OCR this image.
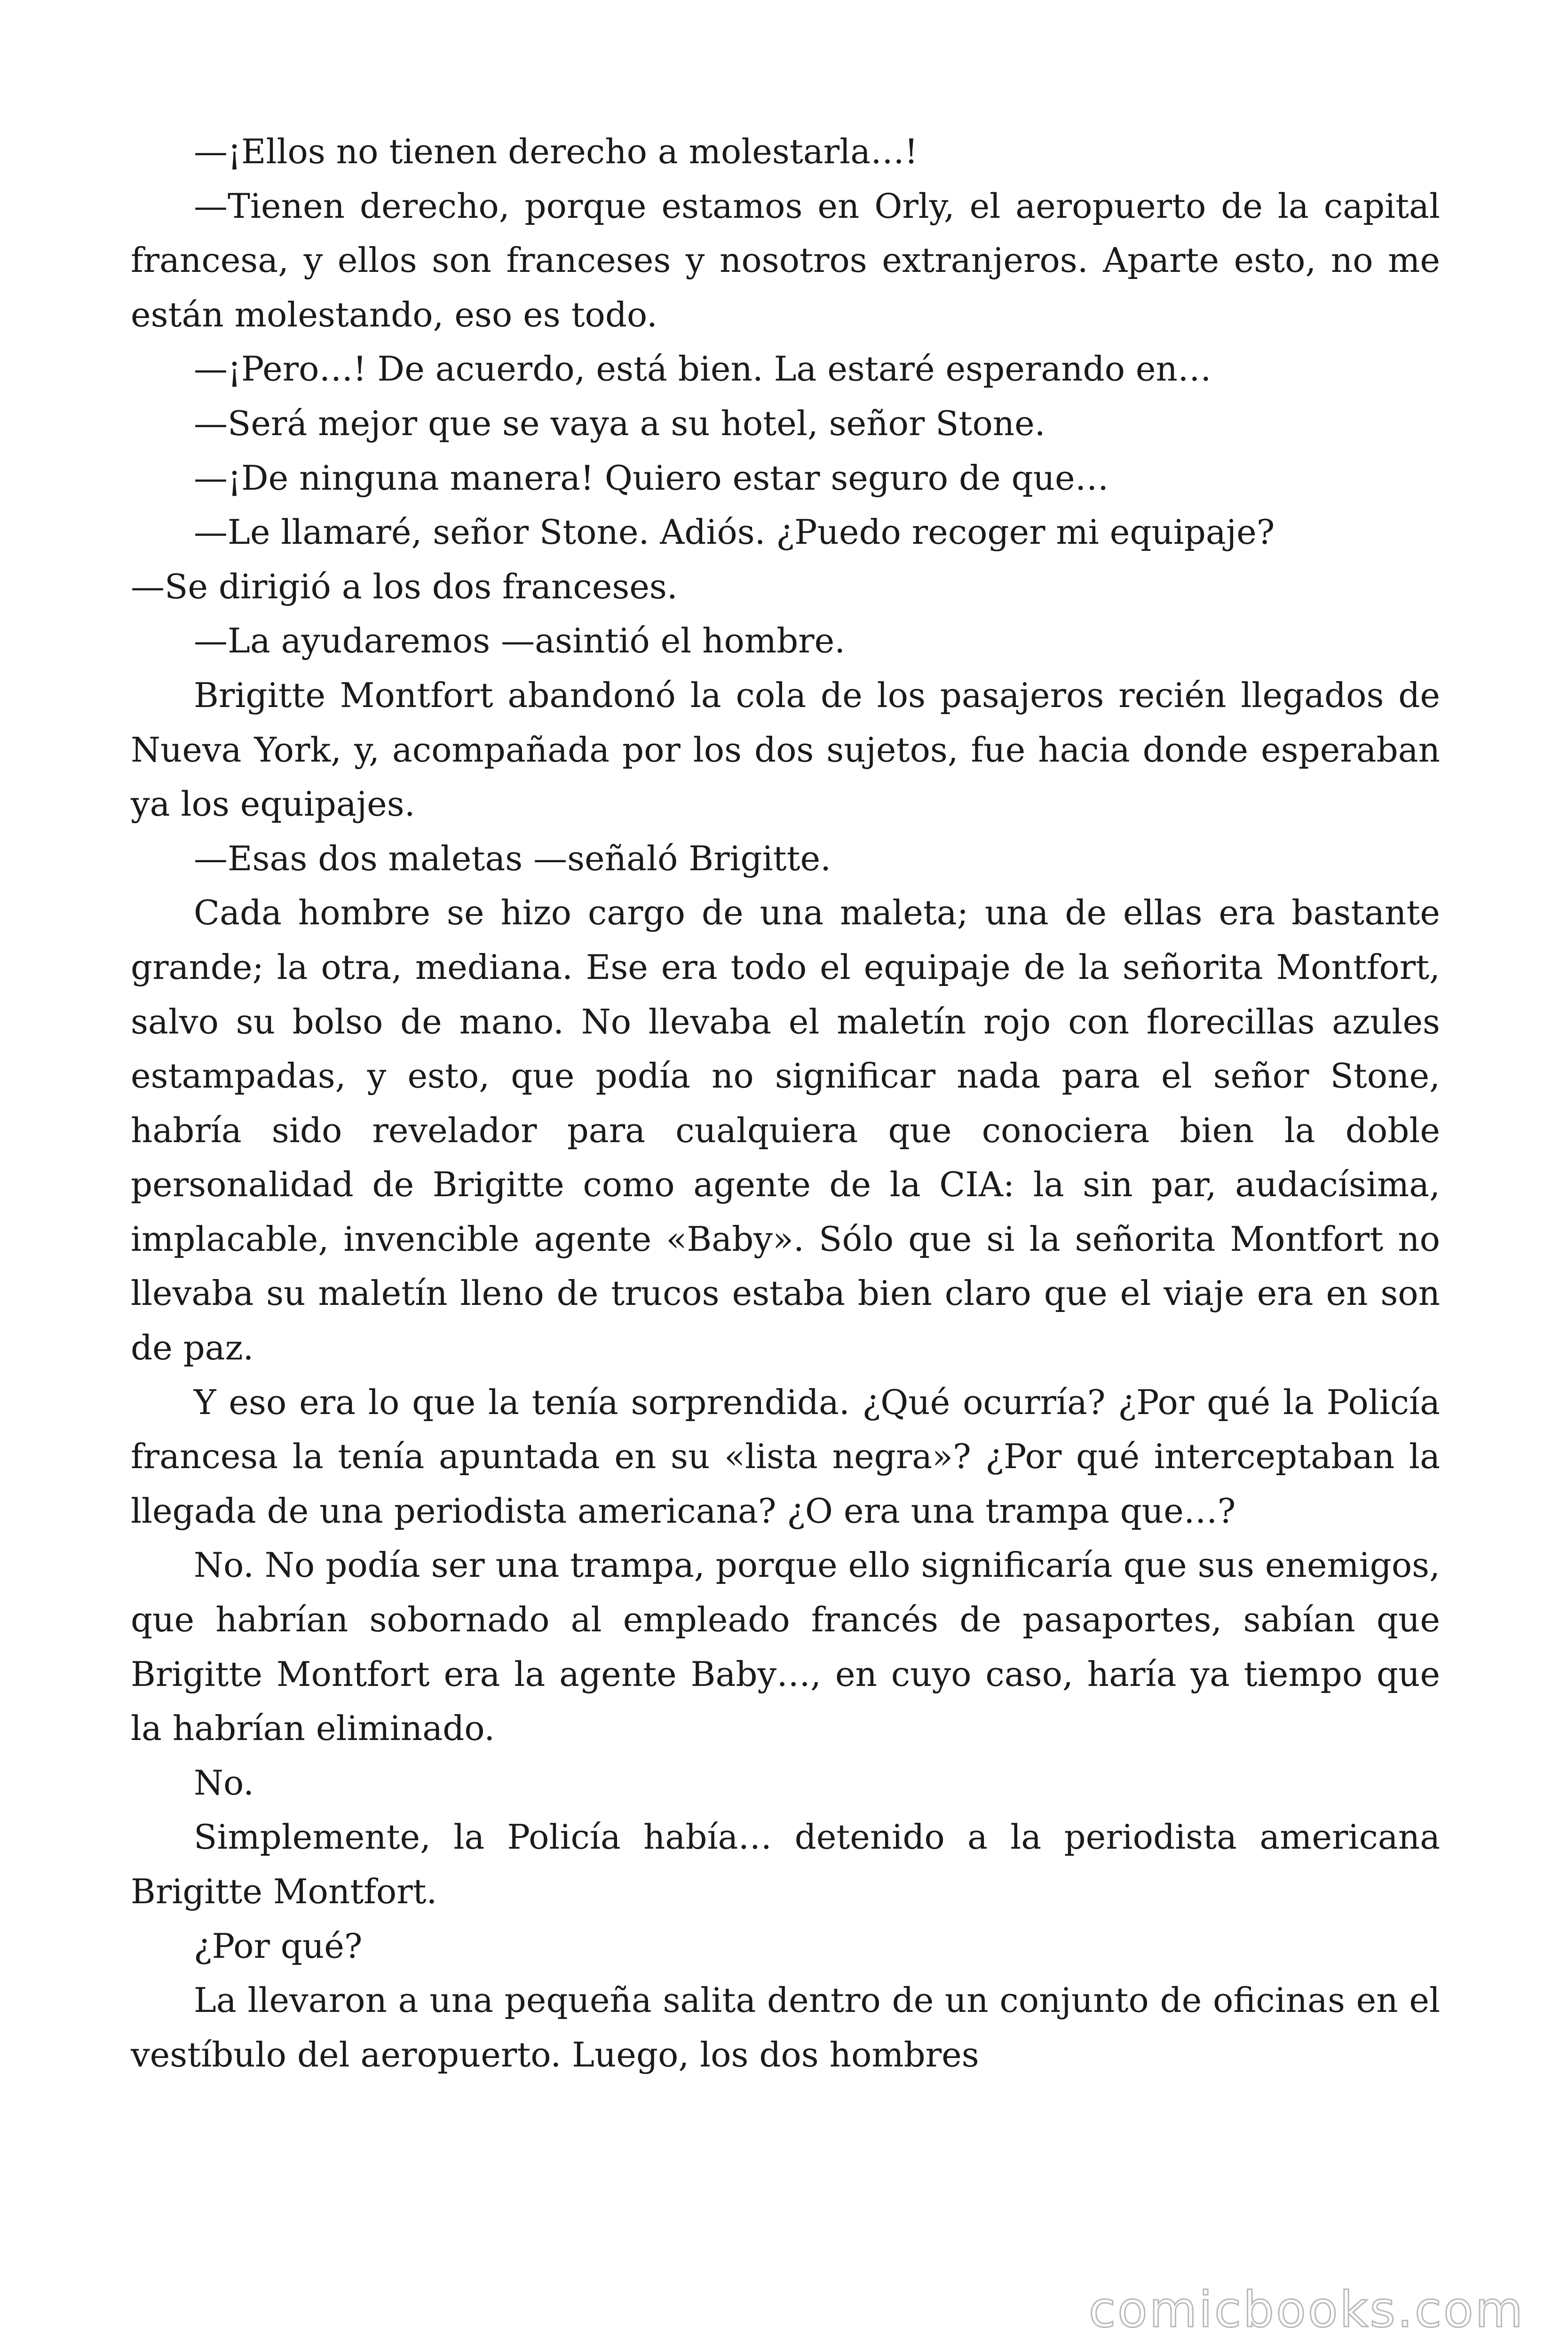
—¡Ellos no tienen derecho a molestarla…!

—Tienen derecho, porque estamos en Orly, el aeropuerto de la capital francesa, y ellos son franceses y nosotros extranjeros. Aparte esto, no me están molestando, eso es todo.

—¡Pero…! De acuerdo, está bien. La estaré esperando en…

—Será mejor que se vaya a su hotel, señor Stone.

—¡De ninguna manera! Quiero estar seguro de que…

—Le llamaré, señor Stone. Adiós. ¿Puedo recoger mi equipaje?

—Se dirigió a los dos franceses.

—La ayudaremos —asintió el hombre.

Brigitte Montfort abandonó la cola de los pasajeros recién llegados de Nueva York, y, acompañada por los dos sujetos, fue hacia donde esperaban ya los equipajes.

—Esas dos maletas —señaló Brigitte.

Cada hombre se hizo cargo de una maleta; una de ellas era bastante grande; la otra, mediana. Ese era todo el equipaje de la señorita Montfort, salvo su bolso de mano. No llevaba el maletín rojo con florecillas azules estampadas, y esto, que podía no significar nada para el señor Stone, habría sido revelador para cualquiera que conociera bien la doble personalidad de Brigitte como agente de la CIA: la sin par, audacísima, implacable, invencible agente «Baby». Sólo que si la señorita Montfort no llevaba su maletín lleno de trucos estaba bien claro que el viaje era en son de paz.

Y eso era lo que la tenía sorprendida. ¿Qué ocurría? ¿Por qué la Policía francesa la tenía apuntada en su «lista negra»? ¿Por qué interceptaban la llegada de una periodista americana? ¿O era una trampa que…?

No. No podía ser una trampa, porque ello significaría que sus enemigos, que habrían sobornado al empleado francés de pasaportes, sabían que Brigitte Montfort era la agente Baby…, en cuyo caso, haría ya tiempo que la habrían eliminado.

No.

Simplemente, la Policía había… detenido a la periodista americana Brigitte Montfort.

¿Por qué?

La llevaron a una pequeña salita dentro de un conjunto de oficinas en el vestíbulo del aeropuerto. Luego, los dos hombres

comicbooks.com
